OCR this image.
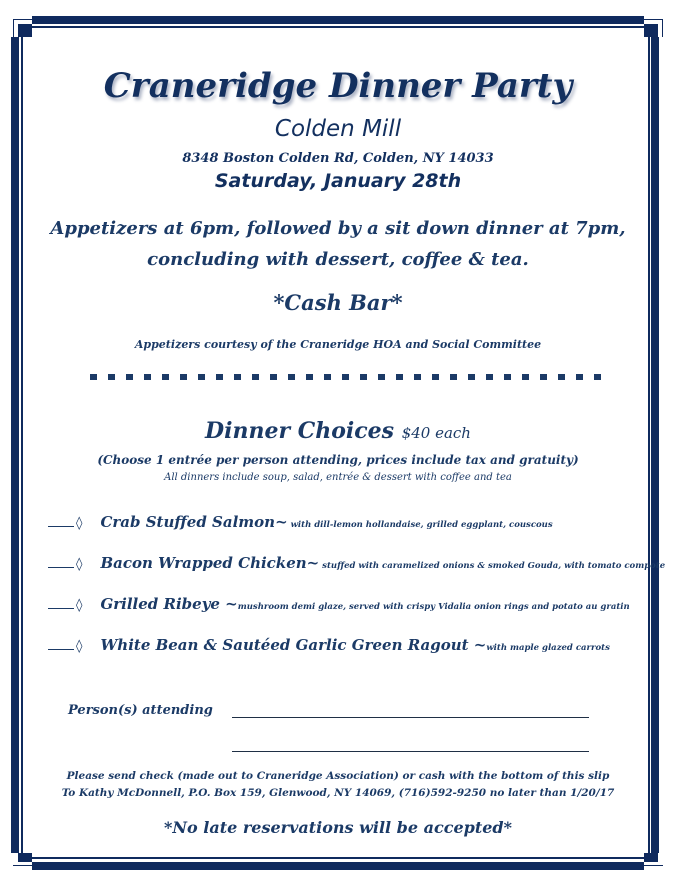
Craneridge Dinner Party
Colden Mill
8348 Boston Colden Rd, Colden, NY 14033
Saturday, January 28th
Appetizers at 6pm, followed by a sit down dinner at 7pm,
concluding with dessert, coffee & tea.
*Cash Bar*
Appetizers courtesy of the Craneridge HOA and Social Committee
Dinner Choices $40 each
(Choose 1 entrée per person attending, prices include tax and gratuity)
All dinners include soup, salad, entrée & dessert with coffee and tea
◊ Crab Stuffed Salmon~ with dill-lemon hollandaise, grilled eggplant, couscous
◊ Bacon Wrapped Chicken~ stuffed with caramelized onions & smoked Gouda, with tomato compote
◊ Grilled Ribeye ~mushroom demi glaze, served with crispy Vidalia onion rings and potato au gratin
◊ White Bean & Sautéed Garlic Green Ragout ~with maple glazed carrots
Person(s) attending
Please send check (made out to Craneridge Association) or cash with the bottom of this slip
To Kathy McDonnell, P.O. Box 159, Glenwood, NY 14069, (716)592-9250 no later than 1/20/17
*No late reservations will be accepted*
